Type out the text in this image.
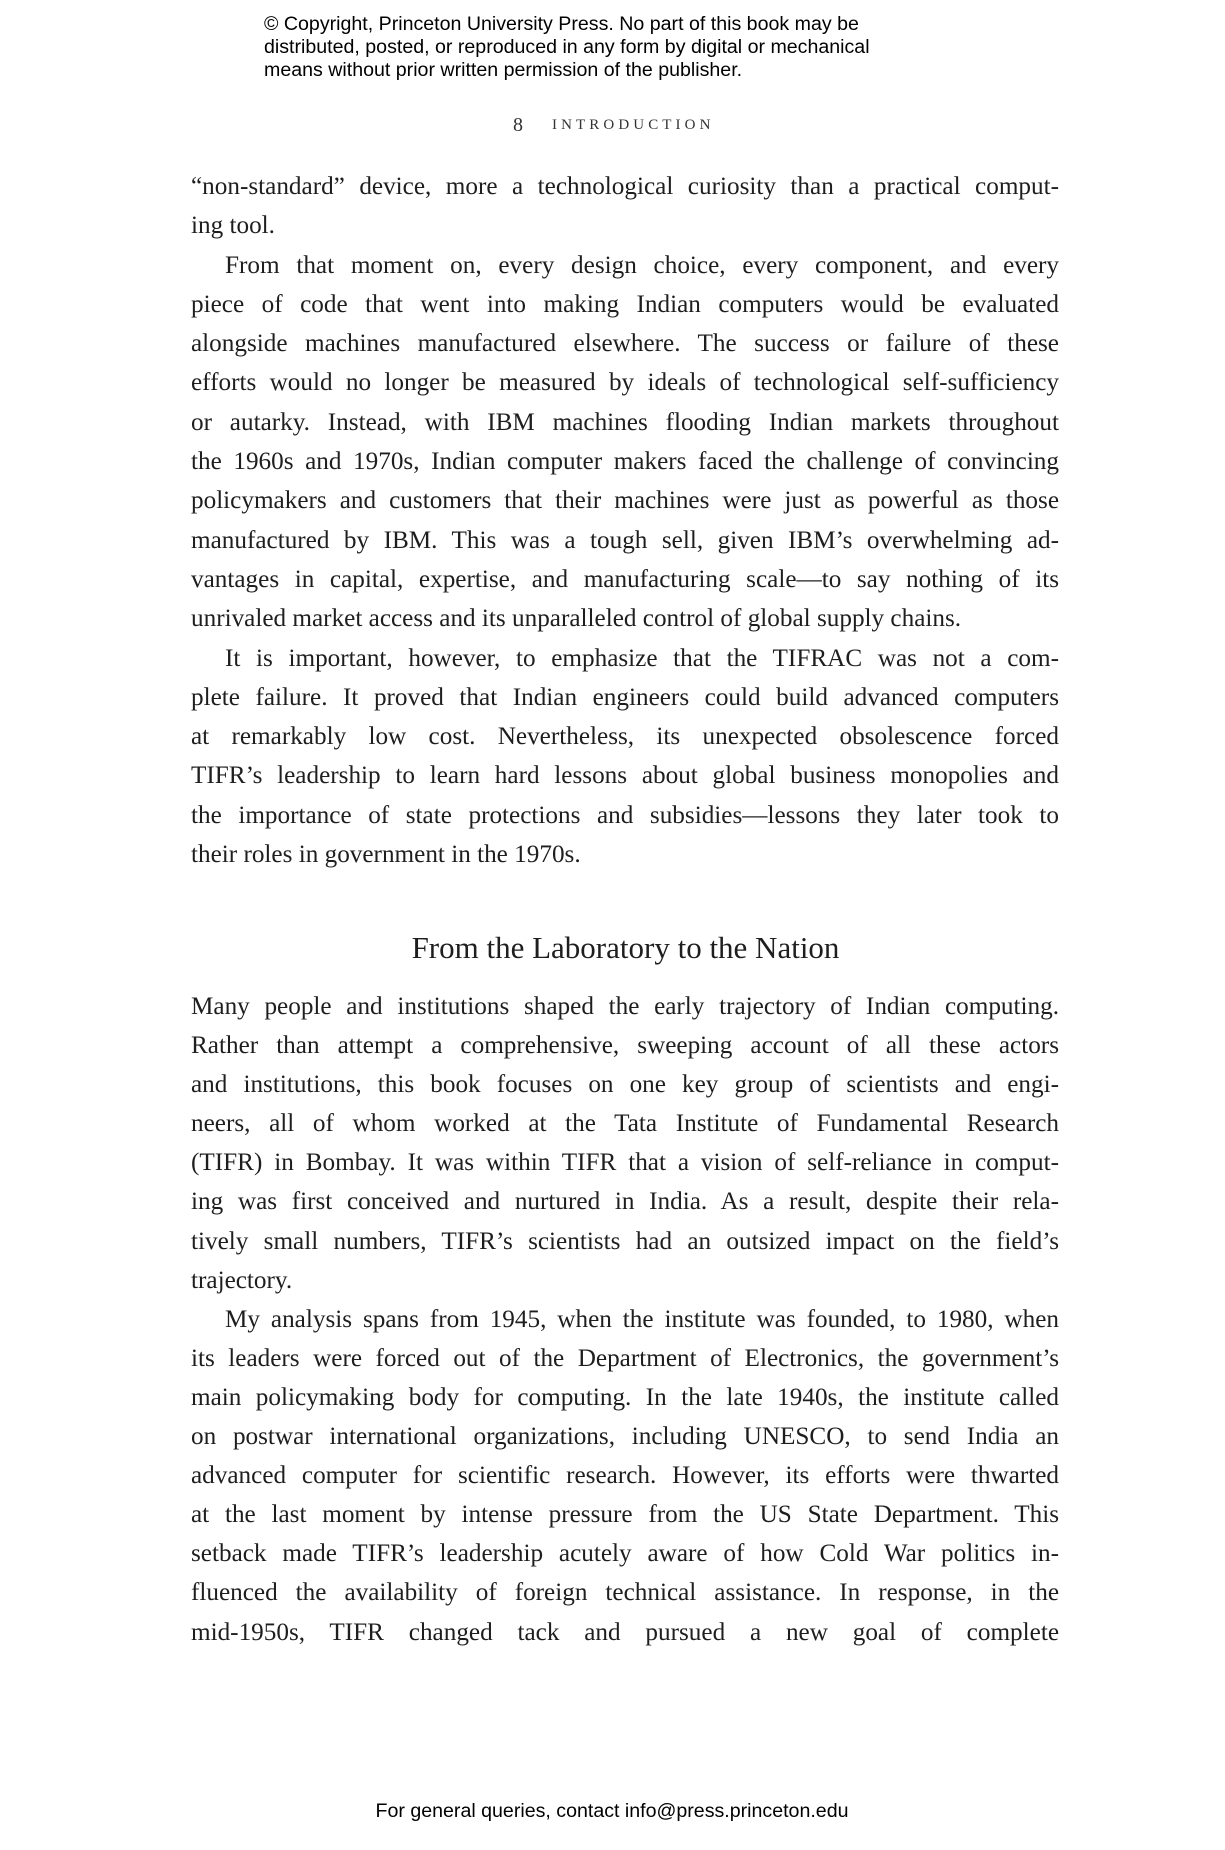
© Copyright, Princeton University Press. No part of this book may be
distributed, posted, or reproduced in any form by digital or mechanical
means without prior written permission of the publisher.
8 INTRODUCTION

“non-standard” device, more a technological curiosity than a practical comput-
ing tool.

From that moment on, every design choice, every component, and every
piece of code that went into making Indian computers would be evaluated
alongside machines manufactured elsewhere. The success or failure of these
efforts would no longer be measured by ideals of technological self-sufficiency
or autarky. Instead, with IBM machines flooding Indian markets throughout
the 1960s and 1970s, Indian computer makers faced the challenge of convincing
policymakers and customers that their machines were just as powerful as those
manufactured by IBM. This was a tough sell, given IBM’s overwhelming ad-
vantages in capital, expertise, and manufacturing scale—to say nothing of its
unrivaled market access and its unparalleled control of global supply chains.

It is important, however, to emphasize that the TIFRAC was not a com-
plete failure. It proved that Indian engineers could build advanced computers
at remarkably low cost. Nevertheless, its unexpected obsolescence forced
TIFR’s leadership to learn hard lessons about global business monopolies and
the importance of state protections and subsidies—lessons they later took to
their roles in government in the 1970s.

From the Laboratory to the Nation

Many people and institutions shaped the early trajectory of Indian computing.
Rather than attempt a comprehensive, sweeping account of all these actors
and institutions, this book focuses on one key group of scientists and engi-
neers, all of whom worked at the Tata Institute of Fundamental Research
(TIFR) in Bombay. It was within TIFR that a vision of self-reliance in comput-
ing was first conceived and nurtured in India. As a result, despite their rela-
tively small numbers, TIFR’s scientists had an outsized impact on the field’s
trajectory.

My analysis spans from 1945, when the institute was founded, to 1980, when
its leaders were forced out of the Department of Electronics, the government’s
main policymaking body for computing. In the late 1940s, the institute called
on postwar international organizations, including UNESCO, to send India an
advanced computer for scientific research. However, its efforts were thwarted
at the last moment by intense pressure from the US State Department. This
setback made TIFR’s leadership acutely aware of how Cold War politics in-
fluenced the availability of foreign technical assistance. In response, in the
mid-1950s, TIFR changed tack and pursued a new goal of complete

For general queries, contact info@press.princeton.edu
